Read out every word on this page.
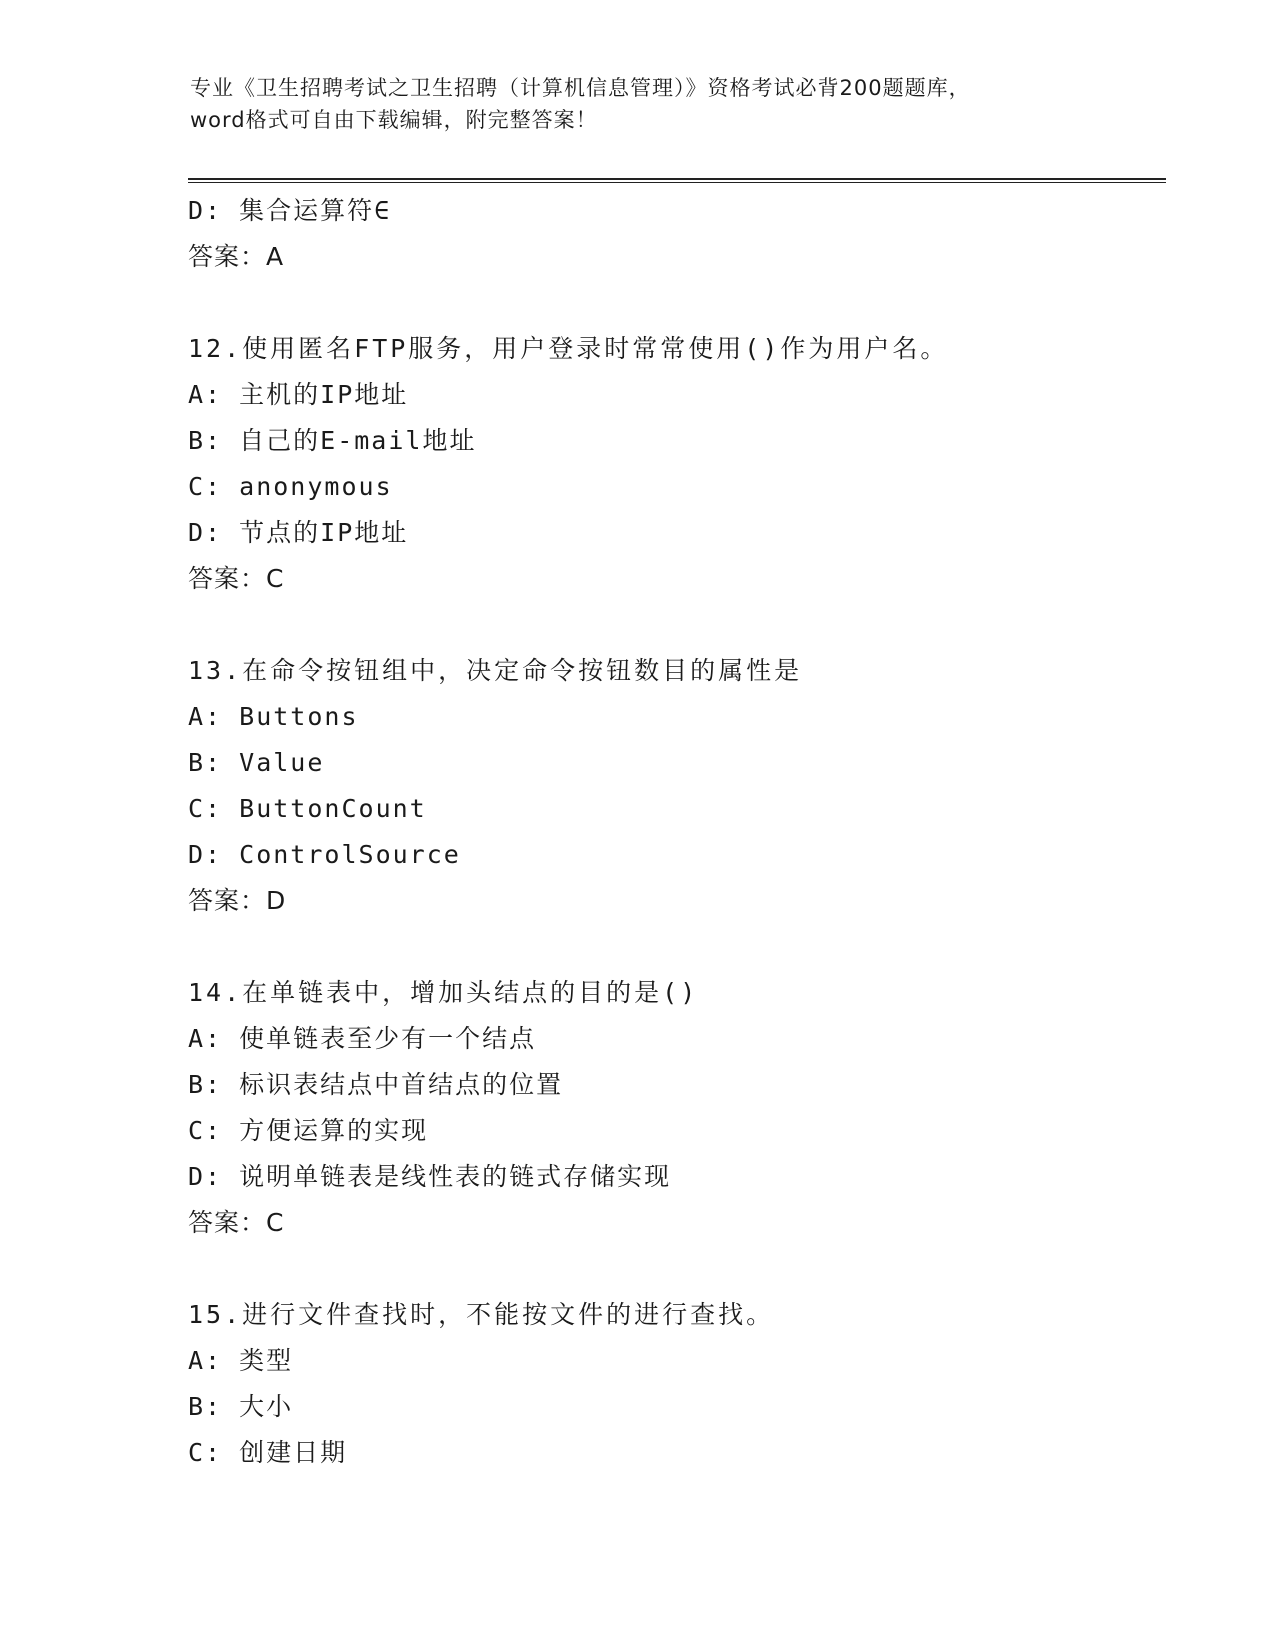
专业《卫生招聘考试之卫生招聘（计算机信息管理）》资格考试必背200题题库，
word格式可自由下载编辑，附完整答案！
D: 集合运算符∈
答案：A
12.使用匿名FTP服务，用户登录时常常使用()作为用户名。
A: 主机的IP地址
B: 自己的E-mail地址
C: anonymous
D: 节点的IP地址
答案：C
13.在命令按钮组中，决定命令按钮数目的属性是
A: Buttons
B: Value
C: ButtonCount
D: ControlSource
答案：D
14.在单链表中，增加头结点的目的是()
A: 使单链表至少有一个结点
B: 标识表结点中首结点的位置
C: 方便运算的实现
D: 说明单链表是线性表的链式存储实现
答案：C
15.进行文件查找时，不能按文件的进行查找。
A: 类型
B: 大小
C: 创建日期
